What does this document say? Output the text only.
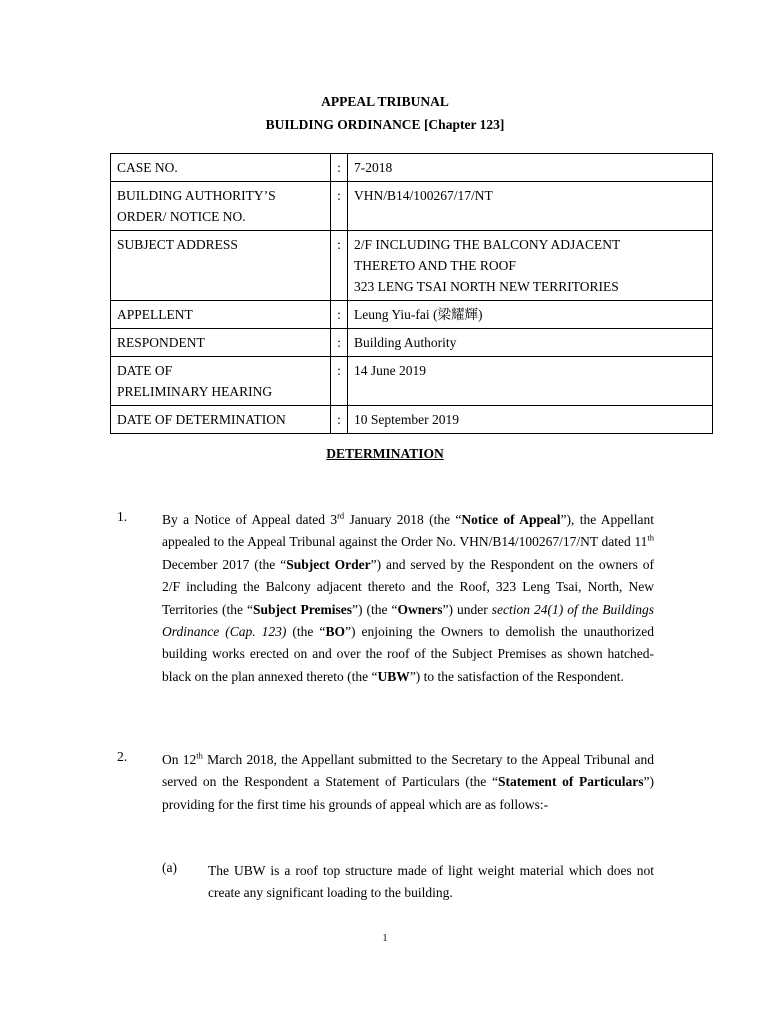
APPEAL TRIBUNAL
BUILDING ORDINANCE [Chapter 123]
CASE NO.	:	7-2018

BUILDING AUTHORITY’S
ORDER/ NOTICE NO.	:	VHN/B14/100267/17/NT

SUBJECT ADDRESS	:	2/F INCLUDING THE BALCONY ADJACENT
THERETO AND THE ROOF
323 LENG TSAI NORTH NEW TERRITORIES

APPELLENT	:	Leung Yiu-fai (梁耀輝)

RESPONDENT	:	Building Authority

DATE OF
PRELIMINARY HEARING	:	14 June 2019

DATE OF DETERMINATION	:	10 September 2019
DETERMINATION
1.	By a Notice of Appeal dated 3rd January 2018 (the “Notice of Appeal”), the Appellant appealed to the Appeal Tribunal against the Order No. VHN/B14/100267/17/NT dated 11th December 2017 (the “Subject Order”) and served by the Respondent on the owners of 2/F including the Balcony adjacent thereto and the Roof, 323 Leng Tsai, North, New Territories (the “Subject Premises”) (the “Owners”) under section 24(1) of the Buildings Ordinance (Cap. 123) (the “BO”) enjoining the Owners to demolish the unauthorized building works erected on and over the roof of the Subject Premises as shown hatched-black on the plan annexed thereto (the “UBW”) to the satisfaction of the Respondent.
2.	On 12th March 2018, the Appellant submitted to the Secretary to the Appeal Tribunal and served on the Respondent a Statement of Particulars (the “Statement of Particulars”) providing for the first time his grounds of appeal which are as follows:-
(a) The UBW is a roof top structure made of light weight material which does not create any significant loading to the building.
1
